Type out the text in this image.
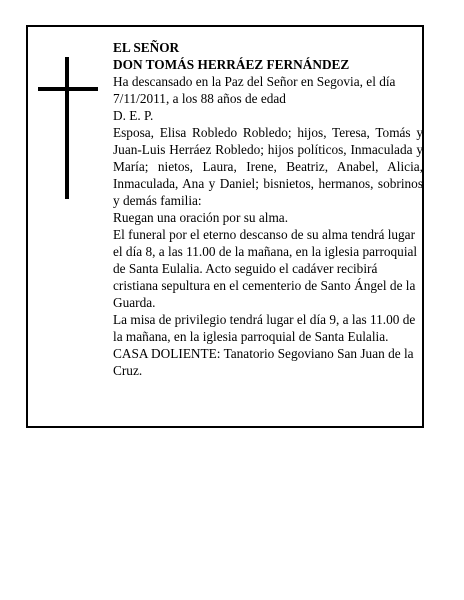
EL SEÑOR

DON TOMÁS HERRÁEZ FERNÁNDEZ

Ha descansado en la Paz del Señor en Segovia, el día 7/11/2011, a los 88 años de edad

D. E. P.

Esposa, Elisa Robledo Robledo; hijos, Teresa, Tomás y Juan-Luis Herráez Robledo; hijos políticos, Inmaculada y María; nietos, Laura, Irene, Beatriz, Anabel, Alicia, Inmaculada, Ana y Daniel; bisnietos, hermanos, sobrinos y demás familia:

Ruegan una oración por su alma.

El funeral por el eterno descanso de su alma tendrá lugar el día 8, a las 11.00 de la mañana, en la iglesia parroquial de Santa Eulalia. Acto seguido el cadáver recibirá cristiana sepultura en el cementerio de Santo Ángel de la Guarda.

La misa de privilegio tendrá lugar el día 9, a las 11.00 de la mañana, en la iglesia parroquial de Santa Eulalia.

CASA DOLIENTE: Tanatorio Segoviano San Juan de la Cruz.
